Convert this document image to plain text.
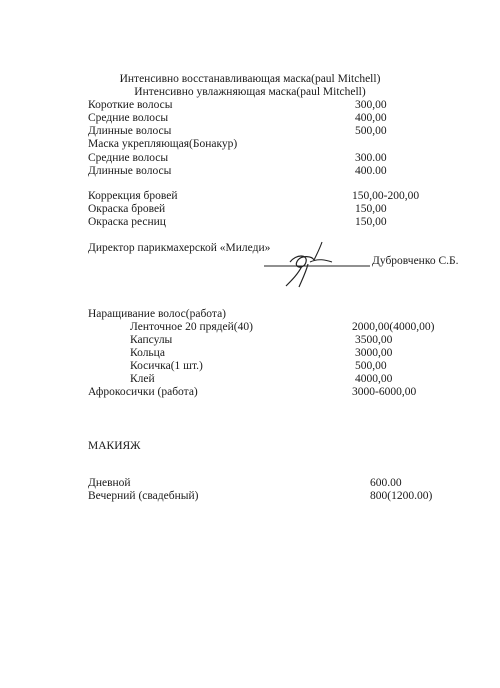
Интенсивно восстанавливающая маска(paul Mitchell)
Интенсивно увлажняющая маска(paul Mitchell)
Короткие волосы	300,00
Средние волосы	400,00
Длинные волосы	500,00
Маска укрепляющая(Бонакур)
Средние волосы	300.00
Длинные волосы	400.00
Коррекция бровей	150,00-200,00
Окраска бровей	150,00
Окраска ресниц	150,00
Директор парикмахерской «Миледи»
Дубровченко С.Б.
Наращивание волос(работа)
Ленточное 20 прядей(40)	2000,00(4000,00)
Капсулы	3500,00
Кольца	3000,00
Косичка(1 шт.)	500,00
Клей	4000,00
Афрокосички (работа)	3000-6000,00
МАКИЯЖ
Дневной	600.00
Вечерний (свадебный)	800(1200.00)
